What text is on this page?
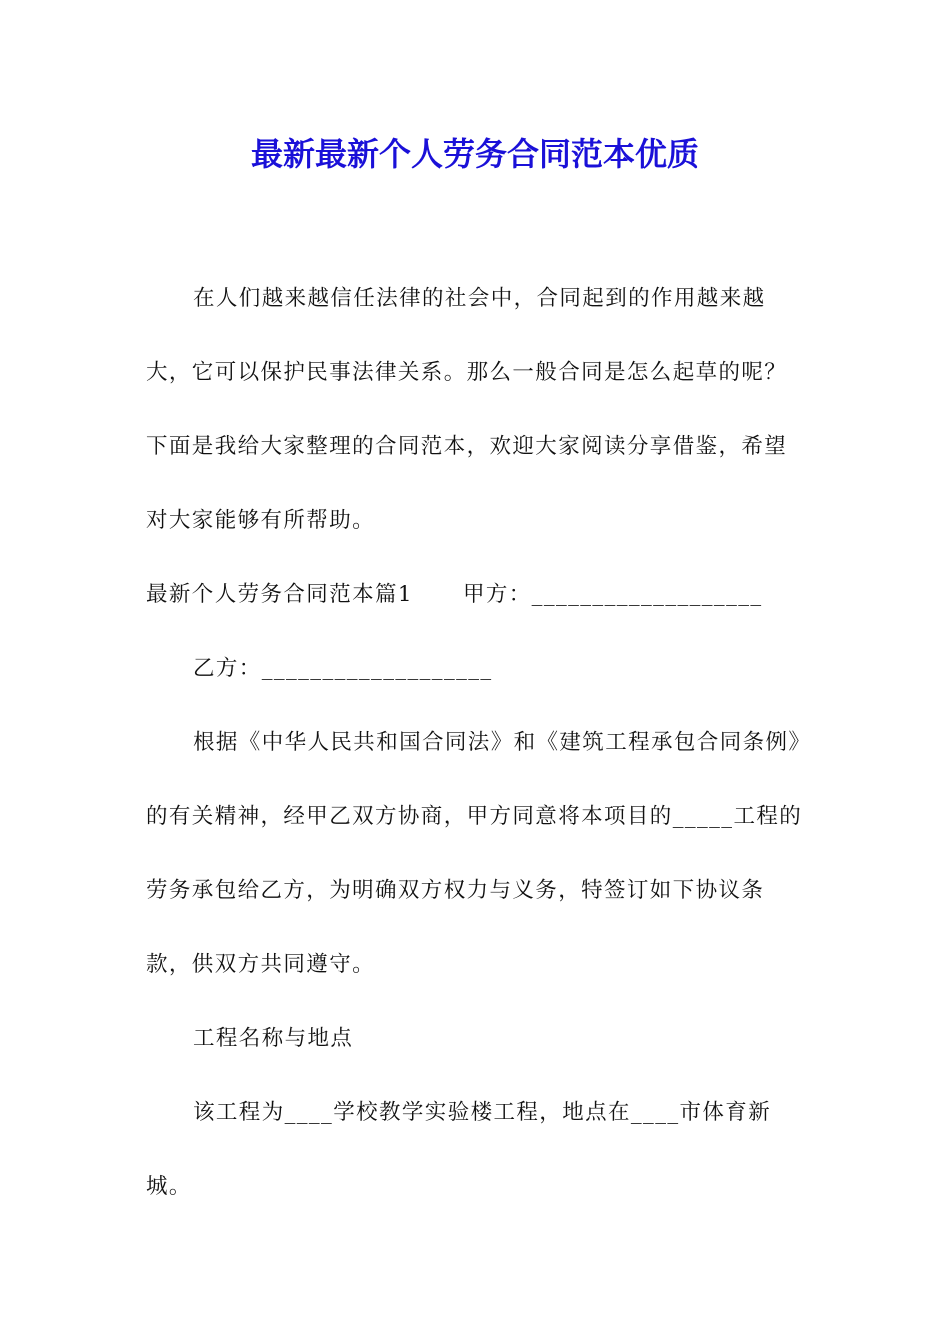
最新最新个人劳务合同范本优质

在人们越来越信任法律的社会中，合同起到的作用越来越大，它可以保护民事法律关系。那么一般合同是怎么起草的呢？下面是我给大家整理的合同范本，欢迎大家阅读分享借鉴，希望对大家能够有所帮助。

最新个人劳务合同范本篇1 甲方：___________________

乙方：___________________

根据《中华人民共和国合同法》和《建筑工程承包合同条例》的有关精神，经甲乙双方协商，甲方同意将本项目的_____工程的劳务承包给乙方，为明确双方权力与义务，特签订如下协议条款，供双方共同遵守。

工程名称与地点

该工程为____学校教学实验楼工程，地点在____市体育新城。
